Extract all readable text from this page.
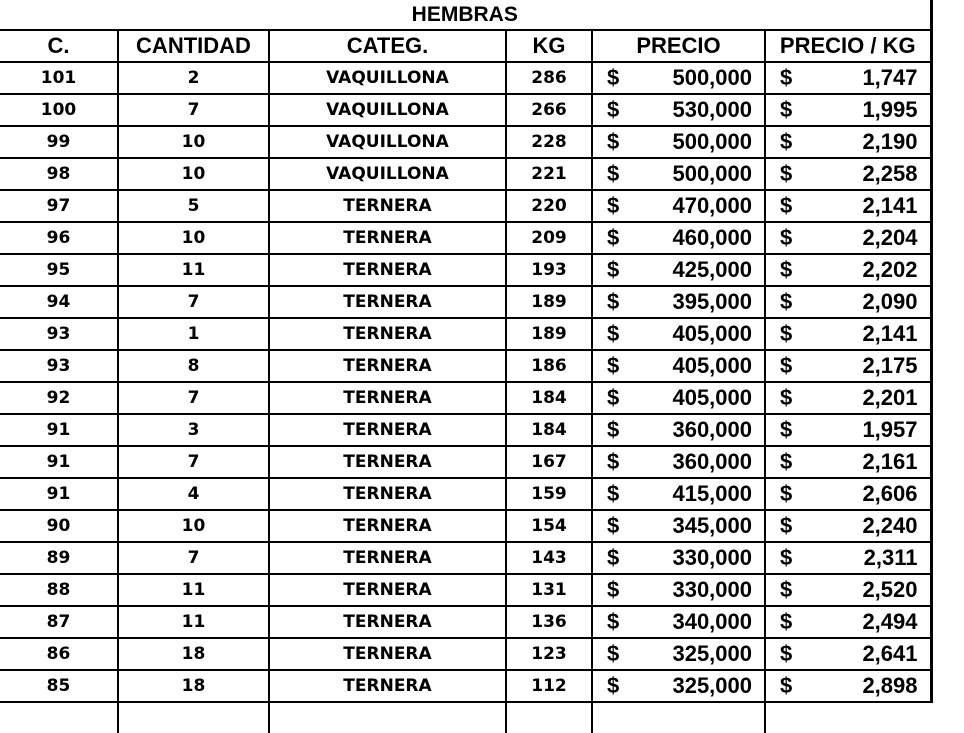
HEMBRAS					
C.	CANTIDAD	CATEG.	KG	PRECIO	PRECIO / KG
101	2	VAQUILLONA	286	$ 500,000	$ 1,747
100	7	VAQUILLONA	266	$ 530,000	$ 1,995
99	10	VAQUILLONA	228	$ 500,000	$ 2,190
98	10	VAQUILLONA	221	$ 500,000	$ 2,258
97	5	TERNERA	220	$ 470,000	$ 2,141
96	10	TERNERA	209	$ 460,000	$ 2,204
95	11	TERNERA	193	$ 425,000	$ 2,202
94	7	TERNERA	189	$ 395,000	$ 2,090
93	1	TERNERA	189	$ 405,000	$ 2,141
93	8	TERNERA	186	$ 405,000	$ 2,175
92	7	TERNERA	184	$ 405,000	$ 2,201
91	3	TERNERA	184	$ 360,000	$ 1,957
91	7	TERNERA	167	$ 360,000	$ 2,161
91	4	TERNERA	159	$ 415,000	$ 2,606
90	10	TERNERA	154	$ 345,000	$ 2,240
89	7	TERNERA	143	$ 330,000	$ 2,311
88	11	TERNERA	131	$ 330,000	$ 2,520
87	11	TERNERA	136	$ 340,000	$ 2,494
86	18	TERNERA	123	$ 325,000	$ 2,641
85	18	TERNERA	112	$ 325,000	$ 2,898
